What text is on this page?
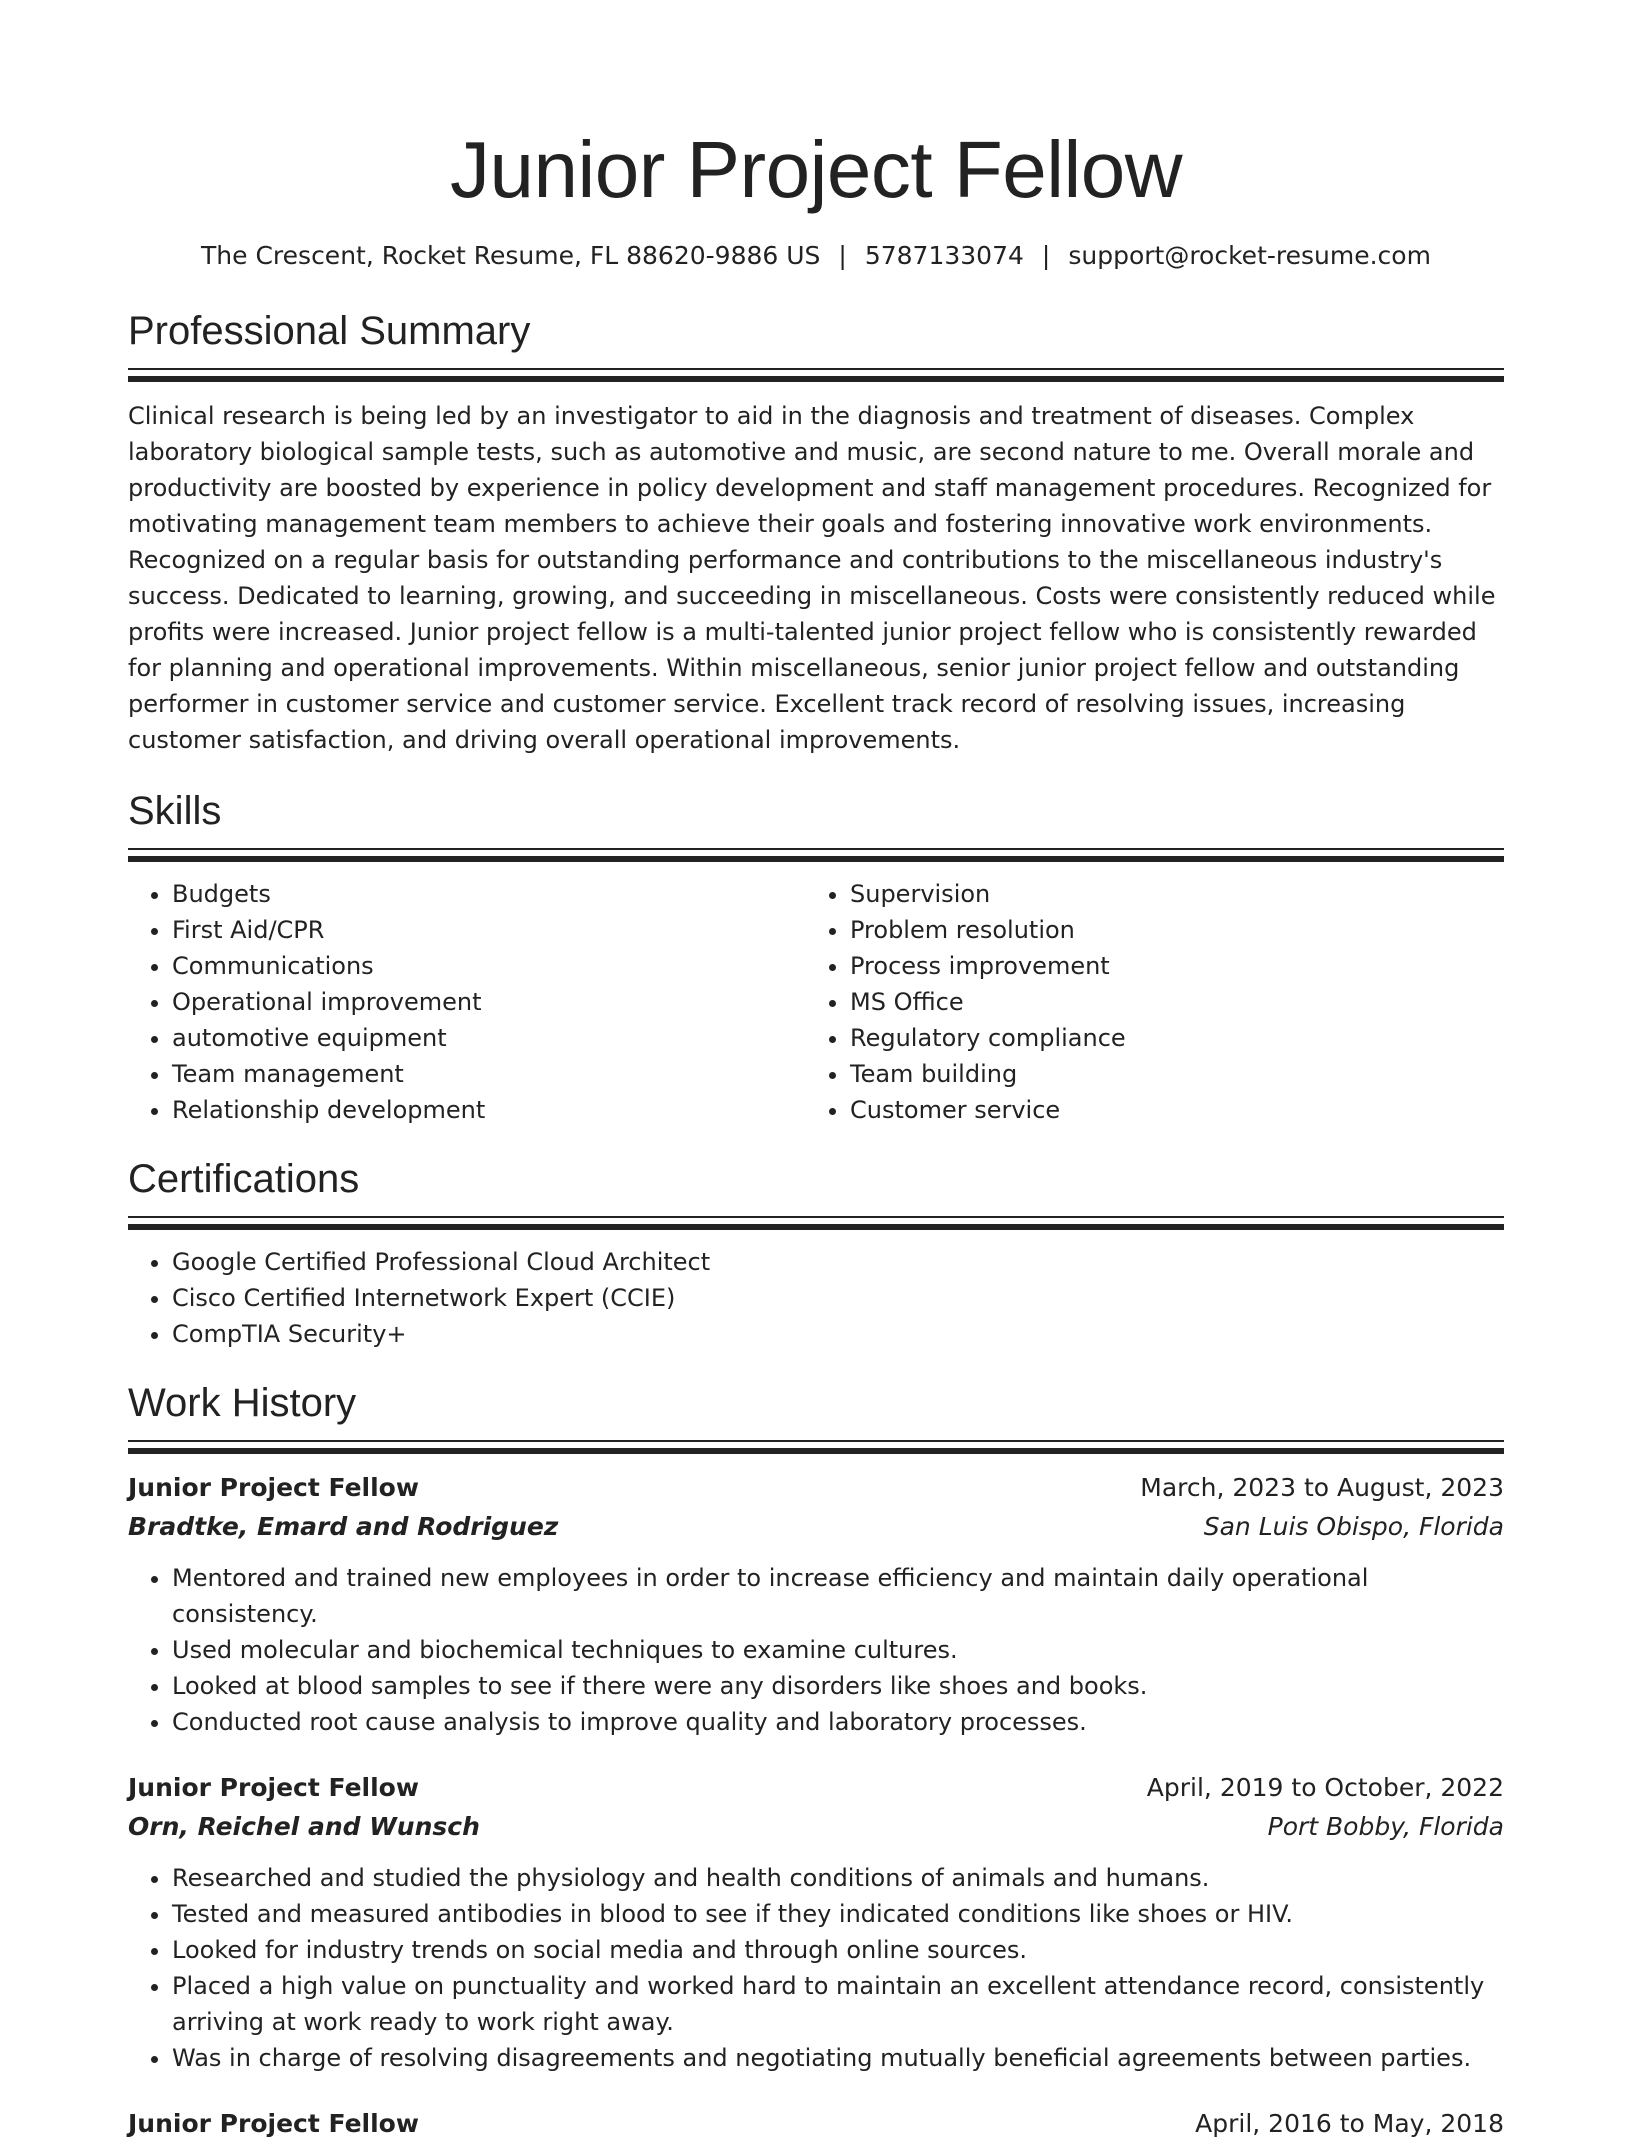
Junior Project Fellow
The Crescent, Rocket Resume, FL 88620-9886 US | 5787133074 | support@rocket-resume.com
Professional Summary
Clinical research is being led by an investigator to aid in the diagnosis and treatment of diseases. Complex laboratory biological sample tests, such as automotive and music, are second nature to me. Overall morale and productivity are boosted by experience in policy development and staff management procedures. Recognized for motivating management team members to achieve their goals and fostering innovative work environments. Recognized on a regular basis for outstanding performance and contributions to the miscellaneous industry's success. Dedicated to learning, growing, and succeeding in miscellaneous. Costs were consistently reduced while profits were increased. Junior project fellow is a multi-talented junior project fellow who is consistently rewarded for planning and operational improvements. Within miscellaneous, senior junior project fellow and outstanding performer in customer service and customer service. Excellent track record of resolving issues, increasing customer satisfaction, and driving overall operational improvements.
Skills
• Budgets
• First Aid/CPR
• Communications
• Operational improvement
• automotive equipment
• Team management
• Relationship development
• Supervision
• Problem resolution
• Process improvement
• MS Office
• Regulatory compliance
• Team building
• Customer service
Certifications
• Google Certified Professional Cloud Architect
• Cisco Certified Internetwork Expert (CCIE)
• CompTIA Security+
Work History
Junior Project Fellow	March, 2023 to August, 2023
Bradtke, Emard and Rodriguez	San Luis Obispo, Florida
• Mentored and trained new employees in order to increase efficiency and maintain daily operational consistency.
• Used molecular and biochemical techniques to examine cultures.
• Looked at blood samples to see if there were any disorders like shoes and books.
• Conducted root cause analysis to improve quality and laboratory processes.
Junior Project Fellow	April, 2019 to October, 2022
Orn, Reichel and Wunsch	Port Bobby, Florida
• Researched and studied the physiology and health conditions of animals and humans.
• Tested and measured antibodies in blood to see if they indicated conditions like shoes or HIV.
• Looked for industry trends on social media and through online sources.
• Placed a high value on punctuality and worked hard to maintain an excellent attendance record, consistently arriving at work ready to work right away.
• Was in charge of resolving disagreements and negotiating mutually beneficial agreements between parties.
Junior Project Fellow	April, 2016 to May, 2018
